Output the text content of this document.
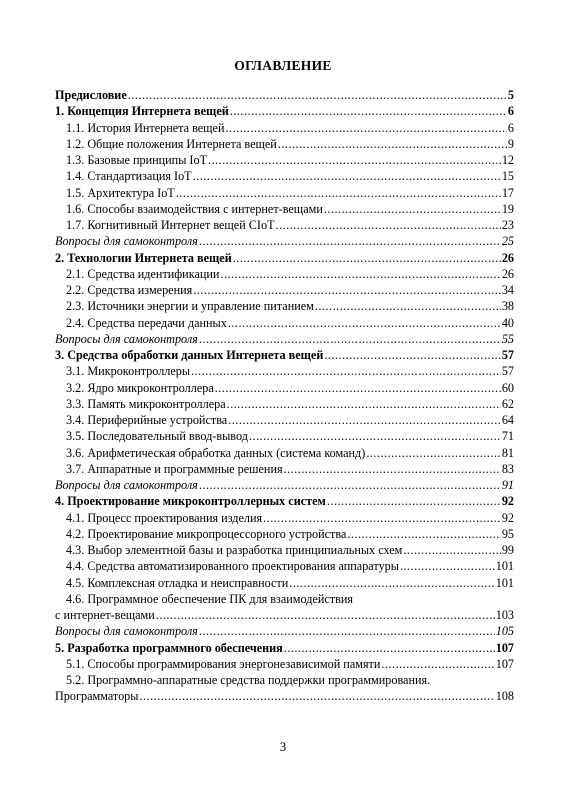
ОГЛАВЛЕНИЕ
Предисловие .....	5
1. Концепция Интернета вещей .....	6
1.1. История Интернета вещей .....	6
1.2. Общие положения Интернета вещей .....	9
1.3. Базовые принципы IoT .....	12
1.4. Стандартизация IoT .....	15
1.5. Архитектура IoT .....	17
1.6. Способы взаимодействия с интернет-вещами .....	19
1.7. Когнитивный Интернет вещей CIoT .....	23
Вопросы для самоконтроля .....	25
2. Технологии Интернета вещей .....	26
2.1. Средства идентификации .....	26
2.2. Средства измерения .....	34
2.3. Источники энергии и управление питанием .....	38
2.4. Средства передачи данных .....	40
Вопросы для самоконтроля .....	55
3. Средства обработки данных Интернета вещей .....	57
3.1. Микроконтроллеры .....	57
3.2. Ядро микроконтроллера .....	60
3.3. Память микроконтроллера .....	62
3.4. Периферийные устройства .....	64
3.5. Последовательный ввод-вывод .....	71
3.6. Арифметическая обработка данных (система команд) .....	81
3.7. Аппаратные и программные решения .....	83
Вопросы для самоконтроля .....	91
4. Проектирование микроконтроллерных систем .....	92
4.1. Процесс проектирования изделия .....	92
4.2. Проектирование микропроцессорного устройства .....	95
4.3. Выбор элементной базы и разработка принципиальных схем .....	99
4.4. Средства автоматизированного проектирования аппаратуры .....	101
4.5. Комплексная отладка и неисправности .....	101
4.6. Программное обеспечение ПК для взаимодействия
с интернет-вещами .....	103
Вопросы для самоконтроля .....	105
5. Разработка программного обеспечения .....	107
5.1. Способы программирования энергонезависимой памяти .....	107
5.2. Программно-аппаратные средства поддержки программирования.
Программаторы .....	108
3
